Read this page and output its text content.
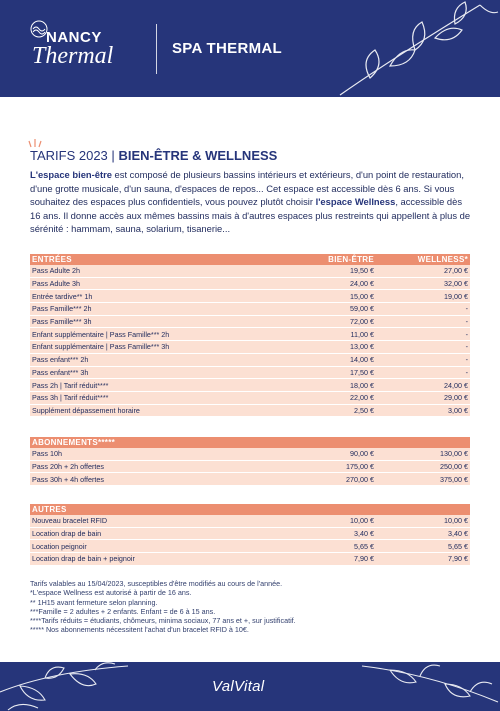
NANCY
Thermal	SPA THERMAL
TARIFS 2023 | BIEN-ÊTRE & WELLNESS
L'espace bien-être est composé de plusieurs bassins intérieurs et extérieurs, d'un point de restauration, d'une grotte musicale, d'un sauna, d'espaces de repos... Cet espace est accessible dès 6 ans. Si vous souhaitez des espaces plus confidentiels, vous pouvez plutôt choisir l'espace Wellness, accessible dès 16 ans. Il donne accès aux mêmes bassins mais à d'autres espaces plus restreints qui appellent à plus de sérénité : hammam, sauna, solarium, tisanerie...
ENTRÉES	BIEN-ÊTRE	WELLNESS*
Pass Adulte 2h	19,50 €	27,00 €

Pass Adulte 3h	24,00 €	32,00 €

Entrée tardive** 1h	15,00 €	19,00 €

Pass Famille*** 2h	59,00 €	-

Pass Famille*** 3h	72,00 €	-

Enfant supplémentaire | Pass Famille*** 2h	11,00 €	-

Enfant supplémentaire | Pass Famille*** 3h	13,00 €	-

Pass enfant*** 2h	14,00 €	-

Pass enfant*** 3h	17,50 €	-

Pass 2h | Tarif réduit****	18,00 €	24,00 €

Pass 3h | Tarif réduit****	22,00 €	29,00 €

Supplément dépassement horaire	2,50 €	3,00 €
ABONNEMENTS*****		
Pass 10h	90,00 €	130,00 €

Pass 20h + 2h offertes	175,00 €	250,00 €

Pass 30h + 4h offertes	270,00 €	375,00 €
AUTRES		
Nouveau bracelet RFID	10,00 €	10,00 €

Location drap de bain	3,40 €	3,40 €

Location peignoir	5,65 €	5,65 €

Location drap de bain + peignoir	7,90 €	7,90 €
Tarifs valables au 15/04/2023, susceptibles d'être modifiés au cours de l'année.
*L'espace Wellness est autorisé à partir de 16 ans.
** 1H15 avant fermeture selon planning.
***Famille = 2 adultes + 2 enfants. Enfant = de 6 à 15 ans.
****Tarifs réduits = étudiants, chômeurs, minima sociaux, 77 ans et +, sur justificatif.
***** Nos abonnements nécessitent l'achat d'un bracelet RFID à 10€.
ValVital
